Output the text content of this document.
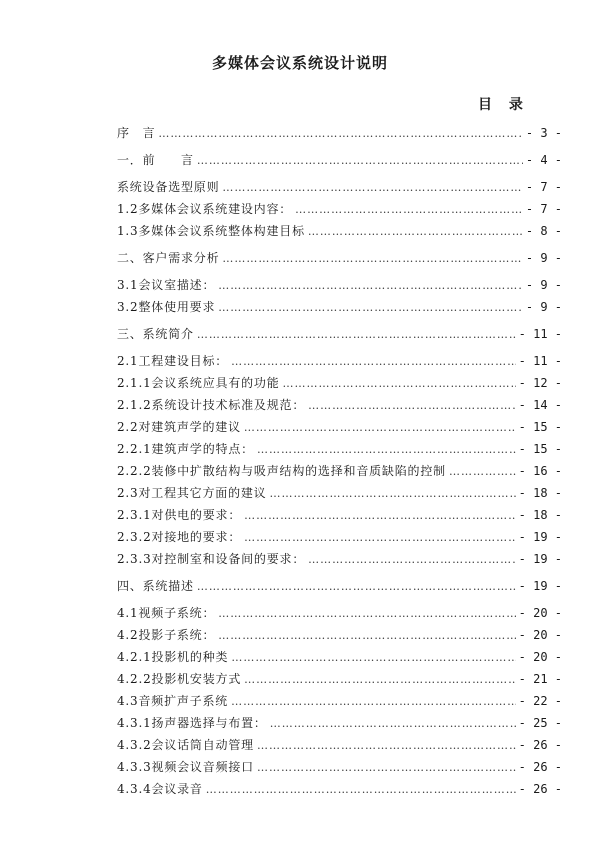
多媒体会议系统设计说明
目 录
序　言 ……………………………………………………………………………………………………………………………………………………………………	- 3 -
一．前　　言 ……………………………………………………………………………………………………………………………………………………………………	- 4 -
系统设备选型原则 ……………………………………………………………………………………………………………………………………………………………………	- 7 -
1.2多媒体会议系统建设内容： ……………………………………………………………………………………………………………………………………………………………………	- 7 -
1.3多媒体会议系统整体构建目标 ……………………………………………………………………………………………………………………………………………………………………	- 8 -
二、客户需求分析 ……………………………………………………………………………………………………………………………………………………………………	- 9 -
3.1会议室描述： ……………………………………………………………………………………………………………………………………………………………………	- 9 -
3.2整体使用要求 ……………………………………………………………………………………………………………………………………………………………………	- 9 -
三、系统简介 ……………………………………………………………………………………………………………………………………………………………………	- 11 -
2.1工程建设目标： ……………………………………………………………………………………………………………………………………………………………………	- 11 -
2.1.1会议系统应具有的功能 ……………………………………………………………………………………………………………………………………………………………………	- 12 -
2.1.2系统设计技术标准及规范： ……………………………………………………………………………………………………………………………………………………………………	- 14 -
2.2对建筑声学的建议 ……………………………………………………………………………………………………………………………………………………………………	- 15 -
2.2.1建筑声学的特点： ……………………………………………………………………………………………………………………………………………………………………	- 15 -
2.2.2装修中扩散结构与吸声结构的选择和音质缺陷的控制 ……………………………………………………………………………………………………………………………………………………………………	- 16 -
2.3对工程其它方面的建议 ……………………………………………………………………………………………………………………………………………………………………	- 18 -
2.3.1对供电的要求： ……………………………………………………………………………………………………………………………………………………………………	- 18 -
2.3.2对接地的要求： ……………………………………………………………………………………………………………………………………………………………………	- 19 -
2.3.3对控制室和设备间的要求： ……………………………………………………………………………………………………………………………………………………………………	- 19 -
四、系统描述 ……………………………………………………………………………………………………………………………………………………………………	- 19 -
4.1视频子系统： ……………………………………………………………………………………………………………………………………………………………………	- 20 -
4.2投影子系统： ……………………………………………………………………………………………………………………………………………………………………	- 20 -
4.2.1投影机的种类 ……………………………………………………………………………………………………………………………………………………………………	- 20 -
4.2.2投影机安装方式 ……………………………………………………………………………………………………………………………………………………………………	- 21 -
4.3音频扩声子系统 ……………………………………………………………………………………………………………………………………………………………………	- 22 -
4.3.1扬声器选择与布置： ……………………………………………………………………………………………………………………………………………………………………	- 25 -
4.3.2会议话筒自动管理 ……………………………………………………………………………………………………………………………………………………………………	- 26 -
4.3.3视频会议音频接口 ……………………………………………………………………………………………………………………………………………………………………	- 26 -
4.3.4会议录音 ……………………………………………………………………………………………………………………………………………………………………	- 26 -
